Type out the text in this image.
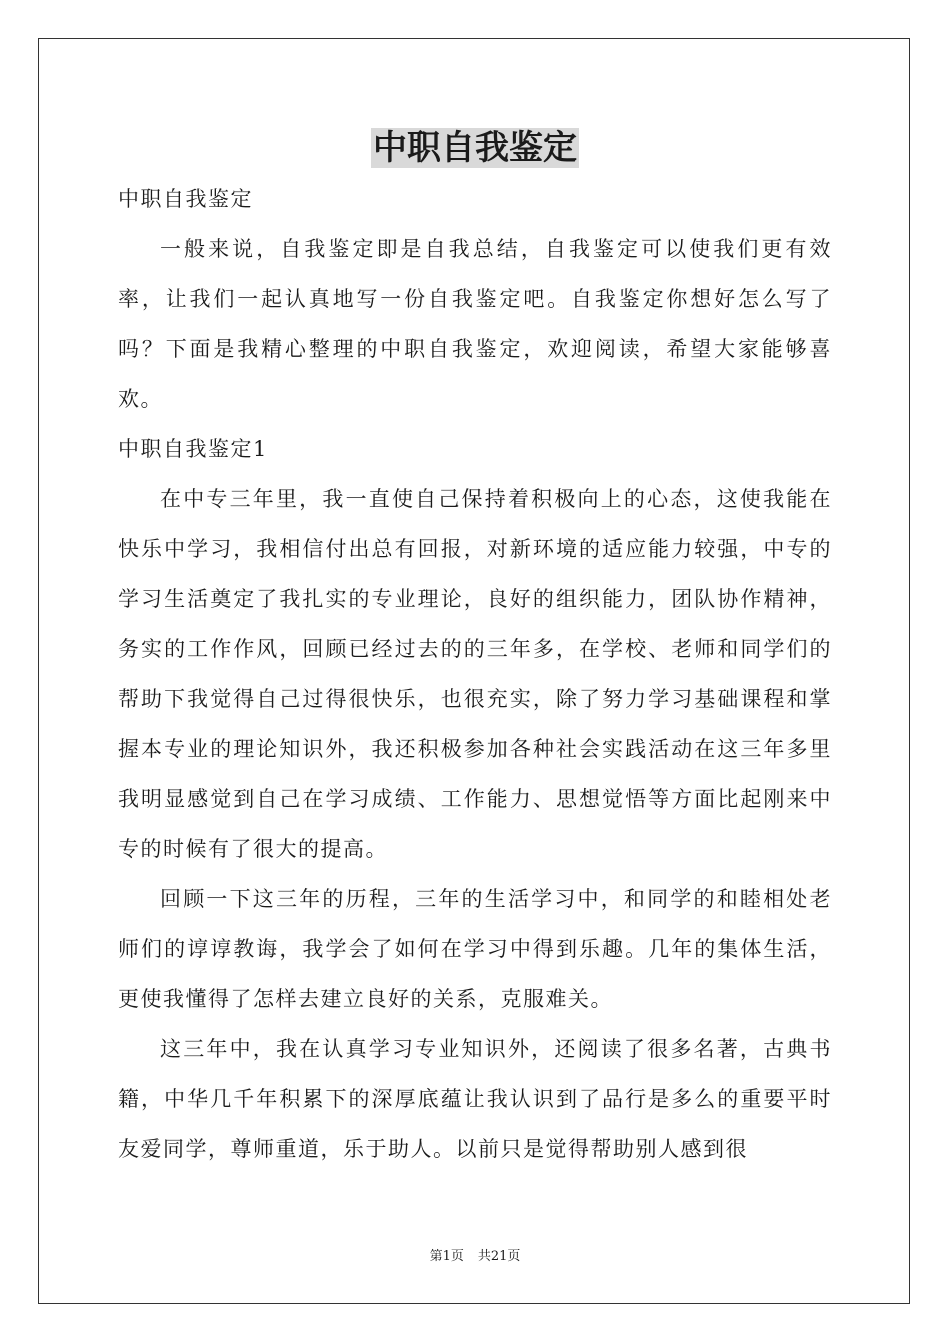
中职自我鉴定

中职自我鉴定

一般来说，自我鉴定即是自我总结，自我鉴定可以使我们更有效率，让我们一起认真地写一份自我鉴定吧。自我鉴定你想好怎么写了吗？下面是我精心整理的中职自我鉴定，欢迎阅读，希望大家能够喜欢。

中职自我鉴定1

在中专三年里，我一直使自己保持着积极向上的心态，这使我能在快乐中学习，我相信付出总有回报，对新环境的适应能力较强，中专的学习生活奠定了我扎实的专业理论，良好的组织能力，团队协作精神，务实的工作作风，回顾已经过去的的三年多，在学校、老师和同学们的帮助下我觉得自己过得很快乐，也很充实，除了努力学习基础课程和掌握本专业的理论知识外，我还积极参加各种社会实践活动在这三年多里我明显感觉到自己在学习成绩、工作能力、思想觉悟等方面比起刚来中专的时候有了很大的提高。

回顾一下这三年的历程，三年的生活学习中，和同学的和睦相处老师们的谆谆教诲，我学会了如何在学习中得到乐趣。几年的集体生活，更使我懂得了怎样去建立良好的关系，克服难关。

这三年中，我在认真学习专业知识外，还阅读了很多名著，古典书籍，中华几千年积累下的深厚底蕴让我认识到了品行是多么的重要平时友爱同学，尊师重道，乐于助人。以前只是觉得帮助别人感到很

第1页 共21页
